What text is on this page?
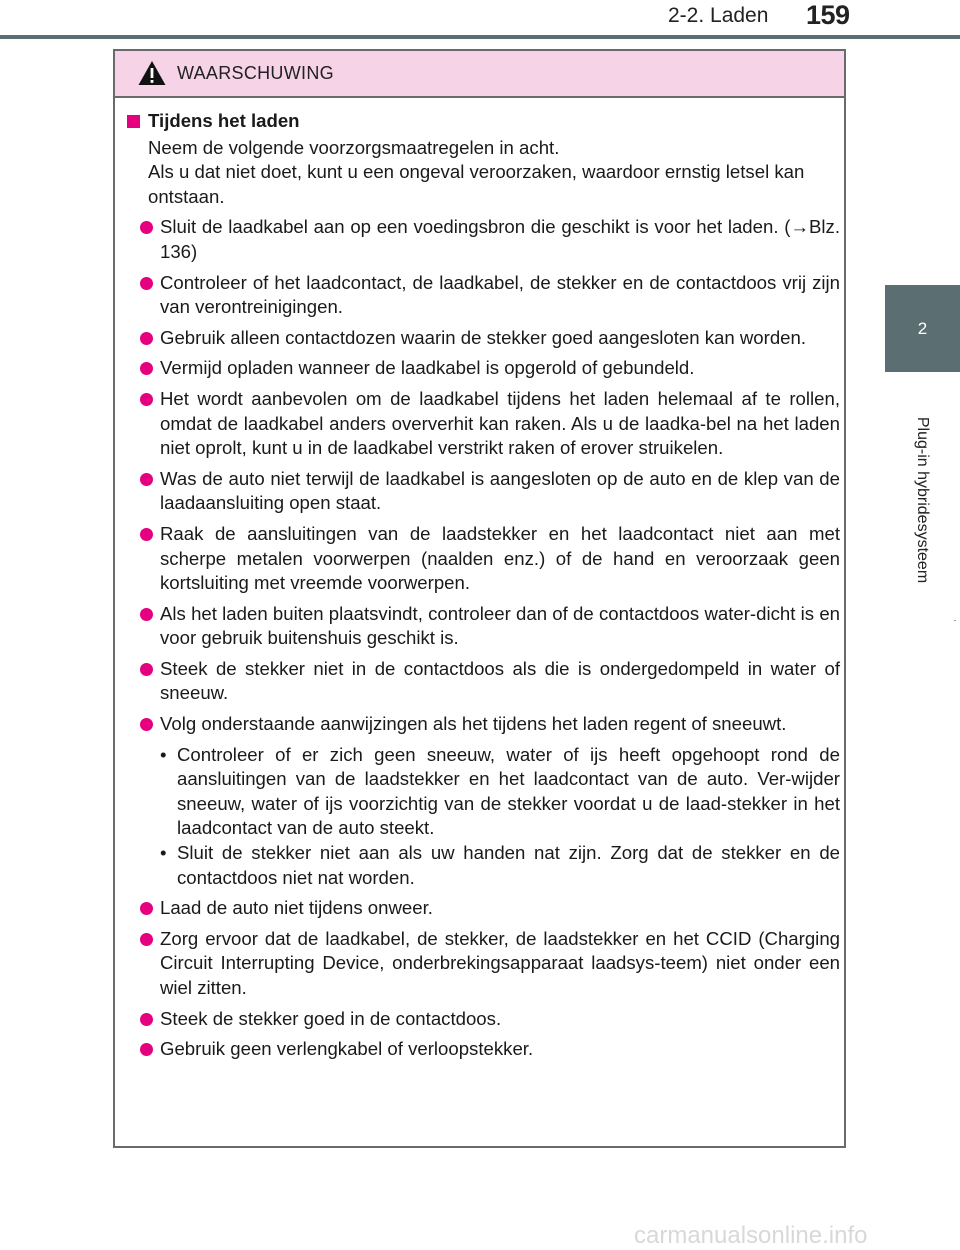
2-2. Laden 159
2
Plug-in hybridesysteem
WAARSCHUWING
Tijdens het laden
Neem de volgende voorzorgsmaatregelen in acht.
Als u dat niet doet, kunt u een ongeval veroorzaken, waardoor ernstig letsel kan ontstaan.
Sluit de laadkabel aan op een voedingsbron die geschikt is voor het laden. (→Blz. 136)
Controleer of het laadcontact, de laadkabel, de stekker en de contactdoos vrij zijn van verontreinigingen.
Gebruik alleen contactdozen waarin de stekker goed aangesloten kan worden.
Vermijd opladen wanneer de laadkabel is opgerold of gebundeld.
Het wordt aanbevolen om de laadkabel tijdens het laden helemaal af te rollen, omdat de laadkabel anders oververhit kan raken. Als u de laadka-bel na het laden niet oprolt, kunt u in de laadkabel verstrikt raken of erover struikelen.
Was de auto niet terwijl de laadkabel is aangesloten op de auto en de klep van de laadaansluiting open staat.
Raak de aansluitingen van de laadstekker en het laadcontact niet aan met scherpe metalen voorwerpen (naalden enz.) of de hand en veroorzaak geen kortsluiting met vreemde voorwerpen.
Als het laden buiten plaatsvindt, controleer dan of de contactdoos water-dicht is en voor gebruik buitenshuis geschikt is.
Steek de stekker niet in de contactdoos als die is ondergedompeld in water of sneeuw.
Volg onderstaande aanwijzingen als het tijdens het laden regent of sneeuwt.
• Controleer of er zich geen sneeuw, water of ijs heeft opgehoopt rond de aansluitingen van de laadstekker en het laadcontact van de auto. Ver-wijder sneeuw, water of ijs voorzichtig van de stekker voordat u de laad-stekker in het laadcontact van de auto steekt.
• Sluit de stekker niet aan als uw handen nat zijn. Zorg dat de stekker en de contactdoos niet nat worden.
Laad de auto niet tijdens onweer.
Zorg ervoor dat de laadkabel, de stekker, de laadstekker en het CCID (Charging Circuit Interrupting Device, onderbrekingsapparaat laadsys-teem) niet onder een wiel zitten.
Steek de stekker goed in de contactdoos.
Gebruik geen verlengkabel of verloopstekker.
carmanualsonline.info
